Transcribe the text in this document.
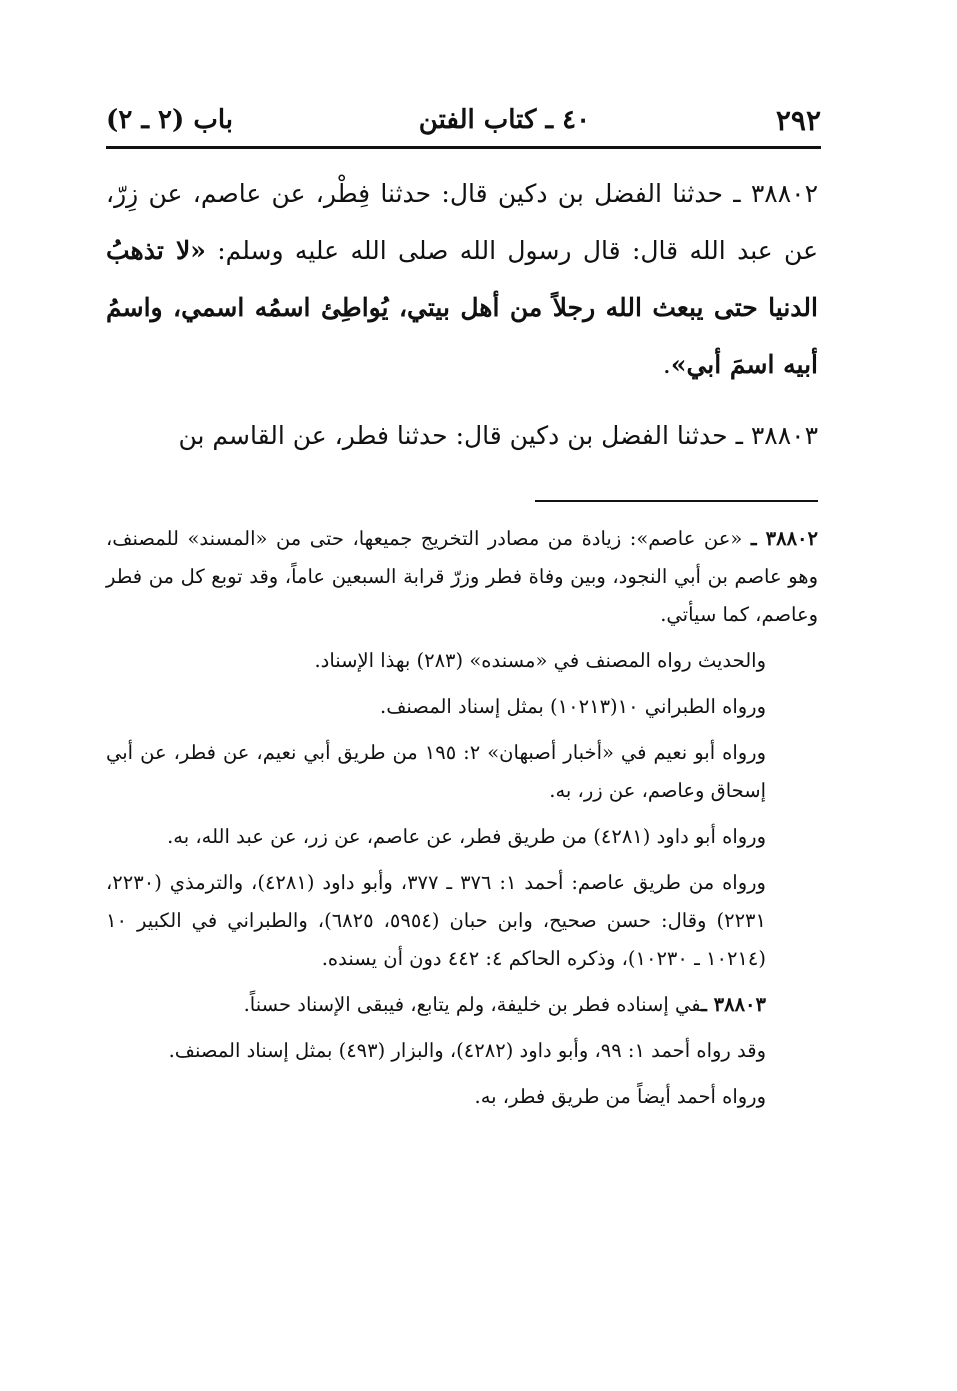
٢٩٢
٤٠ ـ كتاب الفتن
باب (٢ ـ ٢)

٣٨٨٠٢ ـ حدثنا الفضل بن دكين قال: حدثنا فِطْر، عن عاصم، عن زِرّ، عن عبد الله قال: قال رسول الله صلى الله عليه وسلم: «لا تذهبُ الدنيا حتى يبعث الله رجلاً من أهل بيتي، يُواطِئ اسمُه اسمي، واسمُ أبيه اسمَ أبي».

٣٨٨٠٣ ـ حدثنا الفضل بن دكين قال: حدثنا فطر، عن القاسم بن

٣٨٨٠٢ ـ «عن عاصم»: زيادة من مصادر التخريج جميعها، حتى من «المسند» للمصنف، وهو عاصم بن أبي النجود، وبين وفاة فطر وزرّ قرابة السبعين عاماً، وقد توبع كل من فطر وعاصم، كما سيأتي.

والحديث رواه المصنف في «مسنده» (٢٨٣) بهذا الإسناد.

ورواه الطبراني ١٠(١٠٢١٣) بمثل إسناد المصنف.

ورواه أبو نعيم في «أخبار أصبهان» ٢: ١٩٥ من طريق أبي نعيم، عن فطر، عن أبي إسحاق وعاصم، عن زر، به.

ورواه أبو داود (٤٢٨١) من طريق فطر، عن عاصم، عن زر، عن عبد الله، به.

ورواه من طريق عاصم: أحمد ١: ٣٧٦ ـ ٣٧٧، وأبو داود (٤٢٨١)، والترمذي (٢٢٣٠، ٢٢٣١) وقال: حسن صحيح، وابن حبان (٥٩٥٤، ٦٨٢٥)، والطبراني في الكبير ١٠ (١٠٢١٤ ـ ١٠٢٣٠)، وذكره الحاكم ٤: ٤٤٢ دون أن يسنده.

٣٨٨٠٣ ـفي إسناده فطر بن خليفة، ولم يتابع، فيبقى الإسناد حسناً.

وقد رواه أحمد ١: ٩٩، وأبو داود (٤٢٨٢)، والبزار (٤٩٣) بمثل إسناد المصنف.

ورواه أحمد أيضاً من طريق فطر، به.
